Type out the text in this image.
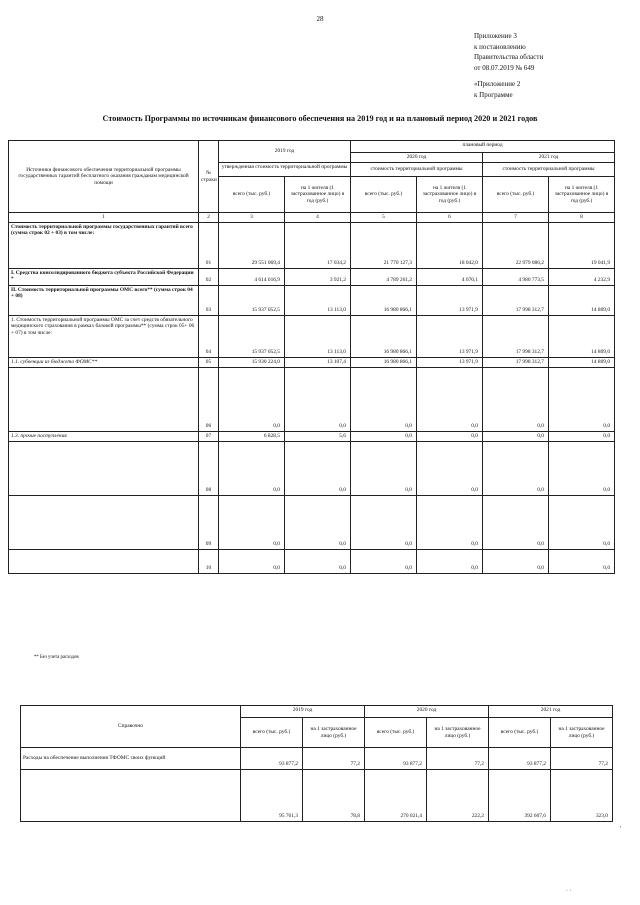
28
Приложение 3
к постановлению
Правительства области
от 08.07.2019 № 649
«Приложение 2
к Программе
Стоимость Программы по источникам финансового обеспечения на 2019 год и на плановый период 2020 и 2021 годов
Источники финансового обеспечения территориальной программы государственных гарантий бесплатного оказания гражданам медицинской помощи	№ строки	2019 год		плановый период			
				2020 год		2021 год	
		утвержденная стоимость территориальной программы		стоимость территориальной программы		стоимость территориальной программы	
		всего (тыс. руб.)	на 1 жителя (1 застрахованное лицо) в год (руб.)	всего (тыс. руб.)	на 1 жителя (1 застрахованное лицо) в год (руб.)	всего (тыс. руб.)	на 1 жителя (1 застрахованное лицо) в год (руб.)
1	2	3	4	5	6	7	8
Стоимость территориальной программы государственных гарантий всего (сумма строк 02 + 03) в том числе:	01	29 551 069,4	17 034,2	21 770 127,3	18 042,0	22 979 086,2	19 041,9
I. Средства консолидированного бюджета субъекта Российской Федерации *	02	4 614 016,9	3 921,2	4 789 261,2	4 070,1	4 980 773,5	4 232,9
II. Стоимость территориальной программы ОМС всего** (сумма строк 04 + 08)	03	15 937 052,5	13 113,0	16 980 866,1	13 971,9	17 998 312,7	14 809,0
1. Стоимость территориальной программы ОМС за счет средств обязательного медицинского страхования в рамках базовой программы** (сумма строк 05+ 06 + 07) в том числе:	04	15 937 052,5	13 113,0	16 980 866,1	13 971,9	17 998 312,7	14 809,0
1.1. субвенции из бюджета ФОМС**	05	15 930 224,0	13 107,4	16 980 866,1	13 971,9	17 998 312,7	14 809,0
	06	0,0	0,0	0,0	0,0	0,0	0,0
1.3. прочие поступления	07	6 828,5	5,6	0,0	0,0	0,0	0,0
	08	0,0	0,0	0,0	0,0	0,0	0,0
	09	0,0	0,0	0,0	0,0	0,0	0,0
	10	0,0	0,0	0,0	0,0	0,0	0,0

** Без учета расходов

Справочно	2019 год		2020 год		2021 год	
	всего (тыс. руб.)	на 1 застрахованное лицо (руб.)	всего (тыс. руб.)	на 1 застрахованное лицо (руб.)	всего (тыс. руб.)	на 1 застрахованное лицо (руб.)
Расходы на обеспечение выполнения ТФОМС своих функций	93 877,2	77,2	93 877,2	77,2	93 877,2	77,2
	95 761,3	78,8	270 021,4	222,2	392 607,6	323,0
'
· ·
